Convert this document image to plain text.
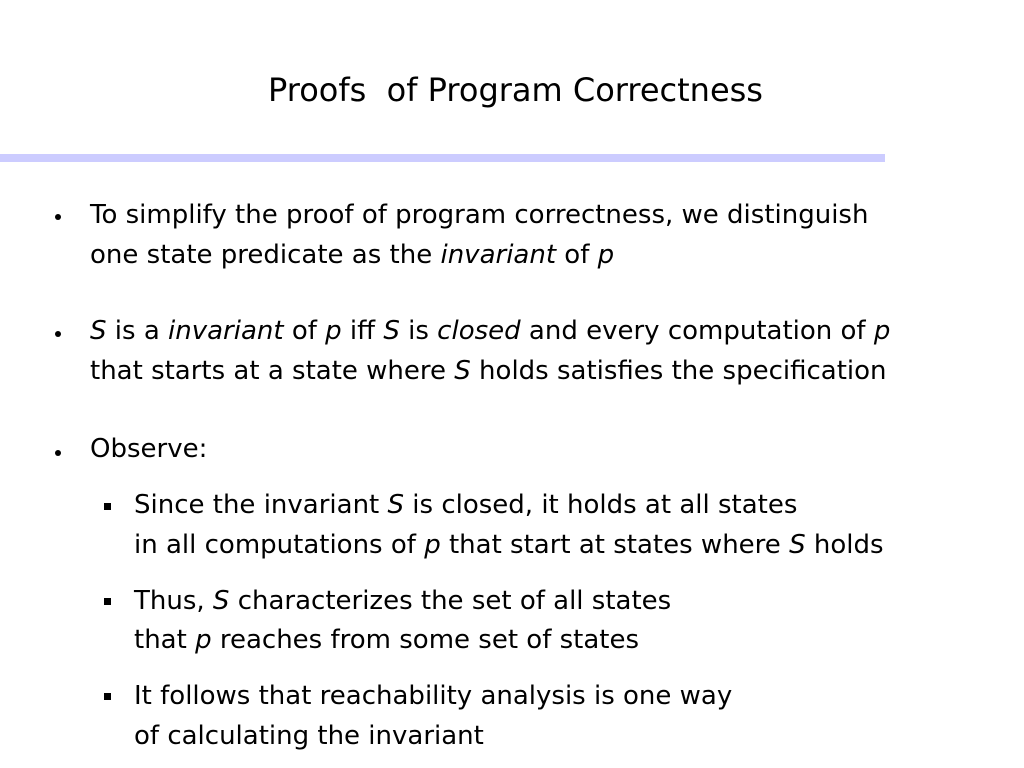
Proofs  of Program Correctness
To simplify the proof of program correctness, we distinguish
one state predicate as the invariant of p
S is a invariant of p iff S is closed and every computation of p
that starts at a state where S holds satisfies the specification
Observe:
Since the invariant S is closed, it holds at all states
in all computations of p that start at states where S holds
Thus, S characterizes the set of all states
that p reaches from some set of states
It follows that reachability analysis is one way
of calculating the invariant
